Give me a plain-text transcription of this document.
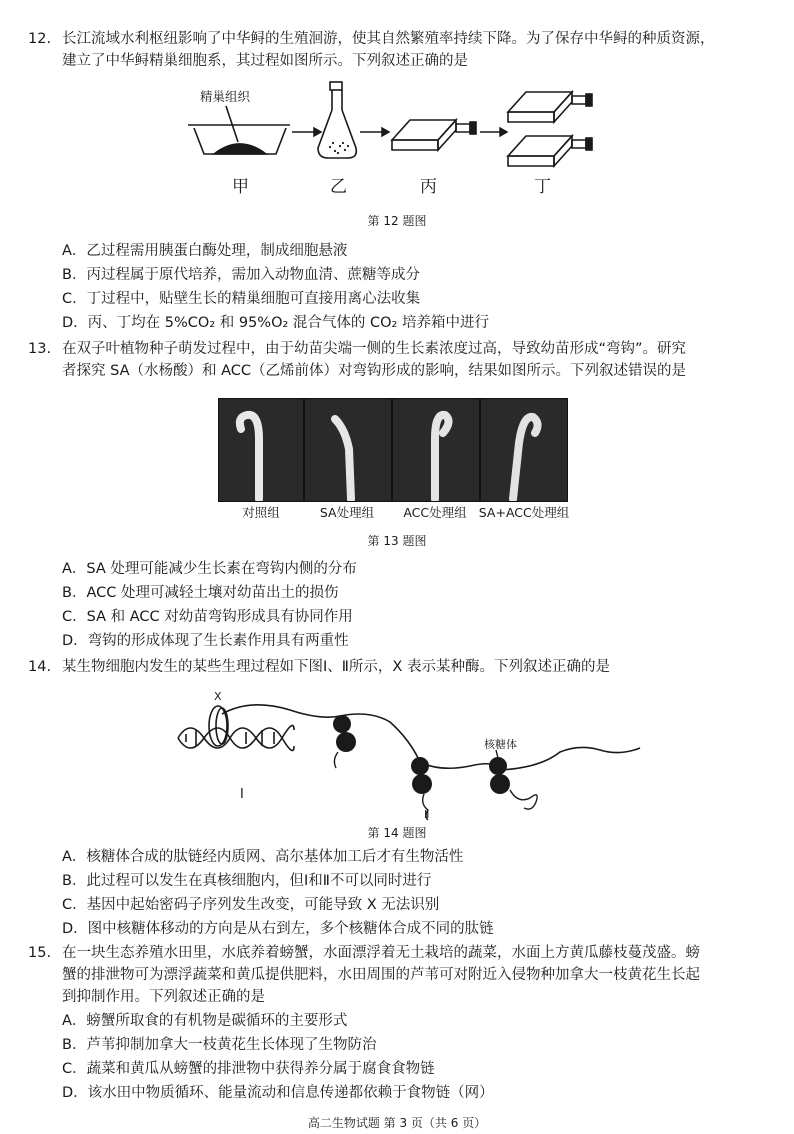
12. 长江流域水利枢纽影响了中华鲟的生殖洄游，使其自然繁殖率持续下降。为了保存中华鲟的种质资源，
建立了中华鲟精巢细胞系，其过程如图所示。下列叙述正确的是
精巢组织
甲	乙	丙	丁
第 12 题图
A．乙过程需用胰蛋白酶处理，制成细胞悬液
B．丙过程属于原代培养，需加入动物血清、蔗糖等成分
C．丁过程中，贴壁生长的精巢细胞可直接用离心法收集
D．丙、丁均在 5%CO₂ 和 95%O₂ 混合气体的 CO₂ 培养箱中进行
13. 在双子叶植物种子萌发过程中，由于幼苗尖端一侧的生长素浓度过高，导致幼苗形成“弯钩”。研究
者探究 SA（水杨酸）和 ACC（乙烯前体）对弯钩形成的影响，结果如图所示。下列叙述错误的是
对照组	SA处理组	ACC处理组 SA+ACC处理组
第 13 题图
A．SA 处理可能减少生长素在弯钩内侧的分布
B．ACC 处理可减轻土壤对幼苗出土的损伤
C．SA 和 ACC 对幼苗弯钩形成具有协同作用
D．弯钩的形成体现了生长素作用具有两重性
14. 某生物细胞内发生的某些生理过程如下图Ⅰ、Ⅱ所示，X 表示某种酶。下列叙述正确的是
X
核糖体
Ⅰ
Ⅱ
第 14 题图
A．核糖体合成的肽链经内质网、高尔基体加工后才有生物活性
B．此过程可以发生在真核细胞内，但Ⅰ和Ⅱ不可以同时进行
C．基因中起始密码子序列发生改变，可能导致 X 无法识别
D．图中核糖体移动的方向是从右到左，多个核糖体合成不同的肽链
15. 在一块生态养殖水田里，水底养着螃蟹，水面漂浮着无土栽培的蔬菜，水面上方黄瓜藤枝蔓茂盛。螃
蟹的排泄物可为漂浮蔬菜和黄瓜提供肥料，水田周围的芦苇可对附近入侵物种加拿大一枝黄花生长起
到抑制作用。下列叙述正确的是
A．螃蟹所取食的有机物是碳循环的主要形式
B．芦苇抑制加拿大一枝黄花生长体现了生物防治
C．蔬菜和黄瓜从螃蟹的排泄物中获得养分属于腐食食物链
D．该水田中物质循环、能量流动和信息传递都依赖于食物链（网）
高二生物试题 第 3 页（共 6 页）
